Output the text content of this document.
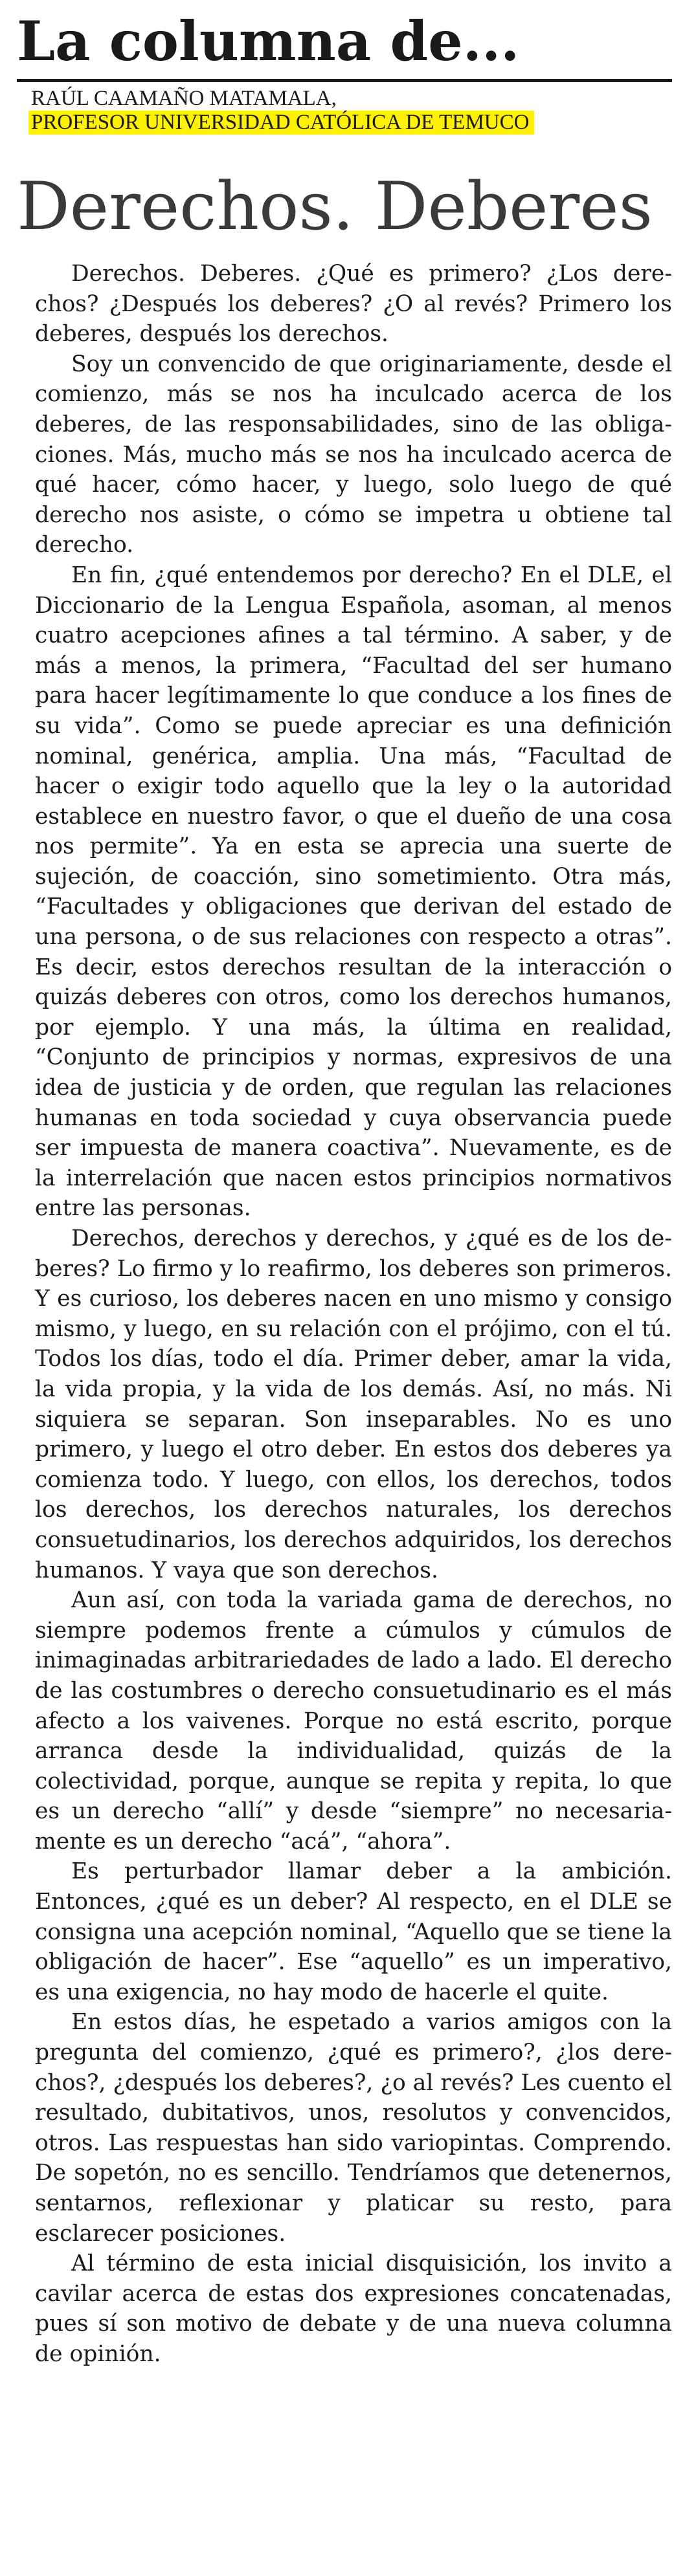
La columna de...
RAÚL CAAMAÑO MATAMALA,
PROFESOR UNIVERSIDAD CATÓLICA DE TEMUCO
Derechos. Deberes

Derechos. Deberes. ¿Qué es primero? ¿Los derechos? ¿Después los deberes? ¿O al revés? Primero los deberes, después los derechos.

Soy un convencido de que originariamente, desde el comienzo, más se nos ha inculcado acerca de los deberes, de las responsabilidades, sino de las obligaciones. Más, mucho más se nos ha inculcado acerca de qué hacer, cómo hacer, y luego, solo luego de qué derecho nos asiste, o cómo se impetra u obtiene tal derecho.

En fin, ¿qué entendemos por derecho? En el DLE, el Diccionario de la Lengua Española, asoman, al menos cuatro acepciones afines a tal término. A saber, y de más a menos, la primera, “Facultad del ser humano para hacer legítimamente lo que conduce a los fines de su vida”. Como se puede apreciar es una definición nominal, genérica, amplia. Una más, “Facultad de hacer o exigir todo aquello que la ley o la autoridad establece en nuestro favor, o que el dueño de una cosa nos permite”. Ya en esta se aprecia una suerte de sujeción, de coacción, sino sometimiento. Otra más, “Facultades y obligaciones que derivan del estado de una persona, o de sus relaciones con respecto a otras”. Es decir, estos derechos resultan de la interacción o quizás deberes con otros, como los derechos humanos, por ejemplo. Y una más, la última en realidad, “Conjunto de principios y normas, expresivos de una idea de justicia y de orden, que regulan las relaciones humanas en toda sociedad y cuya observancia puede ser impuesta de manera coactiva”. Nuevamente, es de la interrelación que nacen estos principios normativos entre las personas.

Derechos, derechos y derechos, y ¿qué es de los deberes? Lo firmo y lo reafirmo, los deberes son primeros. Y es curioso, los deberes nacen en uno mismo y consigo mismo, y luego, en su relación con el prójimo, con el tú. Todos los días, todo el día. Primer deber, amar la vida, la vida propia, y la vida de los demás. Así, no más. Ni siquiera se separan. Son inseparables. No es uno primero, y luego el otro deber. En estos dos deberes ya comienza todo. Y luego, con ellos, los derechos, todos los derechos, los derechos naturales, los derechos consuetudinarios, los derechos adquiridos, los derechos humanos. Y vaya que son derechos.

Aun así, con toda la variada gama de derechos, no siempre podemos frente a cúmulos y cúmulos de inimaginadas arbitrariedades de lado a lado. El derecho de las costumbres o derecho consuetudinario es el más afecto a los vaivenes. Porque no está escrito, porque arranca desde la individualidad, quizás de la colectividad, porque, aunque se repita y repita, lo que es un derecho “allí” y desde “siempre” no necesariamente es un derecho “acá”, “ahora”.

Es perturbador llamar deber a la ambición. Entonces, ¿qué es un deber? Al respecto, en el DLE se consigna una acepción nominal, “Aquello que se tiene la obligación de hacer”. Ese “aquello” es un imperativo, es una exigencia, no hay modo de hacerle el quite.

En estos días, he espetado a varios amigos con la pregunta del comienzo, ¿qué es primero?, ¿los derechos?, ¿después los deberes?, ¿o al revés? Les cuento el resultado, dubitativos, unos, resolutos y convencidos, otros. Las respuestas han sido variopintas. Comprendo. De sopetón, no es sencillo. Tendríamos que detenernos, sentarnos, reflexionar y platicar su resto, para esclarecer posiciones.

Al término de esta inicial disquisición, los invito a cavilar acerca de estas dos expresiones concatenadas, pues sí son motivo de debate y de una nueva columna de opinión.
